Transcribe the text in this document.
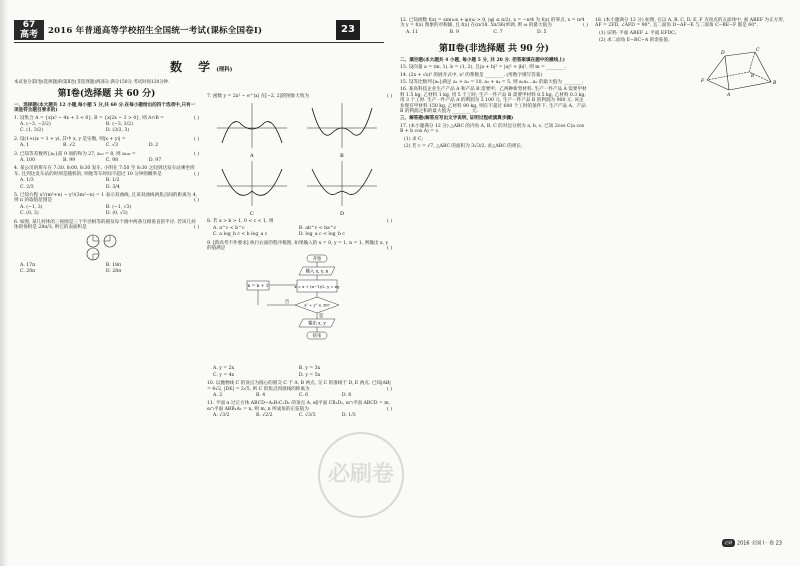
67
高考	2016 年普通高等学校招生全国统一考试(课标全国卷Ⅰ)	23
数 学(理科)
本试卷分第Ⅰ卷(选择题)和第Ⅱ卷(非选择题)两部分.满分150分,考试时间120分钟.
第Ⅰ卷(选择题 共 60 分)
一、选择题(本大题共 12 小题,每小题 5 分,共 60 分.在每小题给出的四个选项中,只有一项是符合题目要求的)
1. 设集合 A = {x|x² − 4x + 3 < 0}, B = {x|2x − 3 > 0}, 则 A∩B =	( )
A. (−3, −3/2)	B. (−3, 3/2)
C. (1, 3/2)	D. (3/2, 3)
2. 设(1+i)x = 1 + yi, 其中 x, y 是实数, 则|x + yi| =	( )
A. 1	B. √2	C. √3	D. 2
3. 已知等差数列{aₙ}前 9 项的和为 27, a₁₀ = 8, 则 a₁₀₀ =	( )
A. 100	B. 99	C. 98	D. 97
4. 某公司的班车在 7:30, 8:00, 8:30 发车, 小明在 7:50 至 8:30 之间到达发车站乘坐班车, 且到达发车站的时刻是随机的, 则他等车时间不超过 10 分钟的概率是	( )
A. 1/3	B. 1/2
C. 2/3	D. 3/4
5. 已知方程 x²/(m²+n) − y²/(3m²−n) = 1 表示双曲线, 且该双曲线两焦点间的距离为 4, 则 n 的取值范围是	( )
A. (−1, 3)	B. (−1, √3)
C. (0, 3)	D. (0, √3)
6. 如图, 某几何体的三视图是三个半径相等的圆及每个圆中两条互相垂直的半径. 若该几何体的体积是 28π/3, 则它的表面积是	( )
A. 17π	B. 18π
C. 20π	D. 28π
7. 函数 y = 2x² − e^|x| 在[−2, 2]的图象大致为	( )
A	B
C	D
8. 若 a > b > 1, 0 < c < 1, 则	( )
A. a^c < b^c	B. ab^c < ba^c
C. a log_b c < b log_a c	D. log_a c < log_b c
9. [新高考不作要求] 执行右面的程序框图, 如果输入的 x = 0, y = 1, n = 1, 则输出 x, y 的值满足	( )
开始
输入 x, y, n
x = x + (n−1)/2, y = ny
x² + y² ≥ 36?
否
n = n + 1
是
输出 x, y
结束
A. y = 2x	B. y = 3x
C. y = 4x	D. y = 5x
10. 以抛物线 C 的顶点为圆心的圆交 C 于 A, B 两点, 交 C 的准线于 D, E 两点. 已知|AB| = 4√2, |DE| = 2√5, 则 C 的焦点到准线的距离为	( )
A. 2	B. 4	C. 6	D. 8
11. 平面 α 过正方体 ABCD−A₁B₁C₁D₁ 的顶点 A, α∥平面 CB₁D₁, α∩平面 ABCD = m, α∩平面 ABB₁A₁ = n, 则 m, n 所成角的正弦值为	( )
A. √3/2	B. √2/2	C. √3/3	D. 1/3
12. 已知函数 f(x) = sin(ωx + φ)(ω > 0, |φ| ≤ π/2), x = −π/4 为 f(x) 的零点, x = π/4 为 y = f(x) 图象的对称轴, 且 f(x) 在(π/18, 5π/36)单调, 则 ω 的最大值为	( )
A. 11	B. 9	C. 7	D. 5
第Ⅱ卷(非选择题 共 90 分)
二、填空题(本大题共 4 小题, 每小题 5 分, 共 20 分. 把答案填在题中的横线上)
13. 设向量 a = (m, 1), b = (1, 2), 且|a + b|² = |a|² + |b|², 则 m = ________.
14. (2x + √x)⁵ 的展开式中, x³ 的系数是 ________. (用数字填写答案)
15. 设等比数列{aₙ}满足 a₁ + a₃ = 10, a₂ + a₄ = 5, 则 a₁a₂…aₙ 的最大值为 ________.
16. 某高科技企业生产产品 A 和产品 B 需要甲、乙两种新型材料. 生产一件产品 A 需要甲材料 1.5 kg, 乙材料 1 kg, 用 5 个工时; 生产一件产品 B 需要甲材料 0.5 kg, 乙材料 0.3 kg, 用 3 个工时. 生产一件产品 A 的利润为 2 100 元, 生产一件产品 B 的利润为 900 元. 该企业现有甲材料 150 kg, 乙材料 90 kg, 则在不超过 600 个工时的条件下, 生产产品 A、产品 B 的利润之和的最大值为 ________ 元.
三、解答题(解答应写出文字说明, 证明过程或演算步骤)
17. (本小题满分 12 分) △ABC 的内角 A, B, C 的对边分别为 a, b, c, 已知 2cos C(a cos B + b cos A) = c.
(1) 求 C;
(2) 若 c = √7, △ABC 的面积为 3√3/2, 求△ABC 的周长.
18. (本小题满分 12 分) 如图, 在以 A, B, C, D, E, F 为顶点的五面体中, 面 ABEF 为正方形, AF = 2FD, ∠AFD = 90°, 且二面角 D−AF−E 与二面角 C−BE−F 都是 60°.
(1) 证明: 平面 ABEF ⊥ 平面 EFDC;
(2) 求二面角 E−BC−A 的余弦值.
D
C
F
A
B
E
必刷卷
必刷 2016 全国 Ⅰ · 卷 23
